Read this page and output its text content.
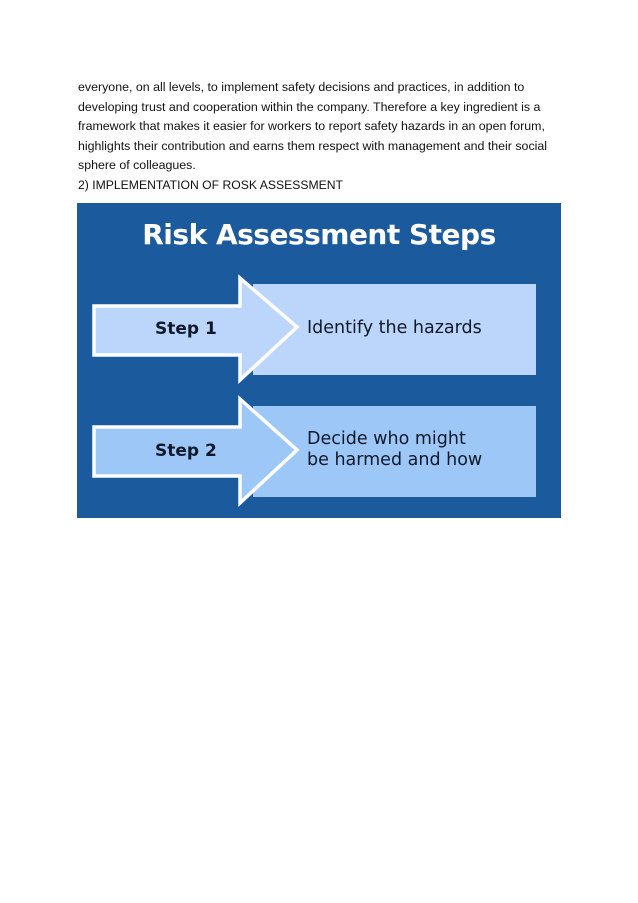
everyone, on all levels, to implement safety decisions and practices, in addition to
developing trust and cooperation within the company. Therefore a key ingredient is a
framework that makes it easier for workers to report safety hazards in an open forum,
highlights their contribution and earns them respect with management and their social
sphere of colleagues.

2) IMPLEMENTATION OF ROSK ASSESSMENT

Risk Assessment Steps
Step 1	Identify the hazards
Step 2
Decide who might
be harmed and how
